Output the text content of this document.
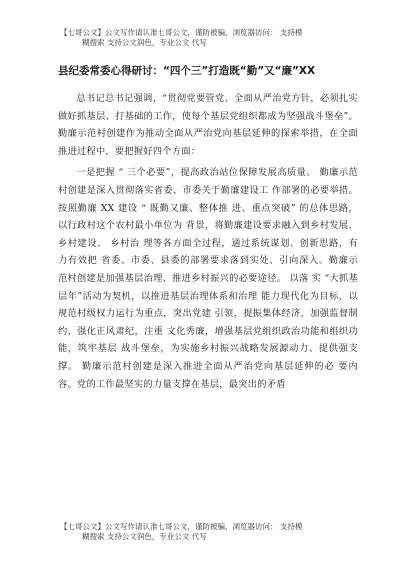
【七哥公文】公文写作请认准七哥公文，谨防被骗，浏览器访问： 支持模
糊搜索 支持公文润色，专业公文 代写
县纪委常委心得研讨：“四个三”打造既“勤”又“廉”XX

总书记总书记强调，“贯彻党要管党、全面从严治党方针，必须扎实做好抓基层、打基础的工作，使每个基层党组织都成为坚强战斗堡垒”。勤廉示范村创建作为推动全面从严治党向基层延伸的探索举措，在全面推进过程中，要把握好四个方面：

一是把握 “ 三个必要”，提高政治站位保障发展高质量。 勤廉示范村创建是深入贯彻落实省委、市委关于勤廉建设工 作部署的必要举措。按照勤廉 XX 建设 “ 既勤又廉、整体推 进、重点突破” 的总体思路， 以行政村这个农村最小单位为 背景，将勤廉建设要求融入到乡村发展、 乡村建设、 乡村治 理等各方面全过程，通过系统谋划、创新思路，有力有效把 省委、市委、县委的部署要求落到实处、引向深入。勤廉示 范村创建是加强基层治理、推进乡村振兴的必要途径。 以落 实 “大抓基层年”活动为契机，以推进基层治理体系和治理 能力现代化为目标，以规范村级权力运行为重点，突出党建 引领，提振集体经济，加强监督制约，强化正风肃纪，注重 文化秀廉，增强基层党组织政治功能和组织功能，筑牢基层 战斗堡垒，为实施乡村振兴战略发展源动力、提供强支撑。 勤廉示范村创建是深入推进全面从严治党向基层延伸的必 要内容。党的工作最坚实的力量支撑在基层，最突出的矛盾

【七哥公文】公文写作请认准七哥公文，谨防被骗，浏览器访问： 支持模
糊搜索 支持公文润色，专业公文 代写
